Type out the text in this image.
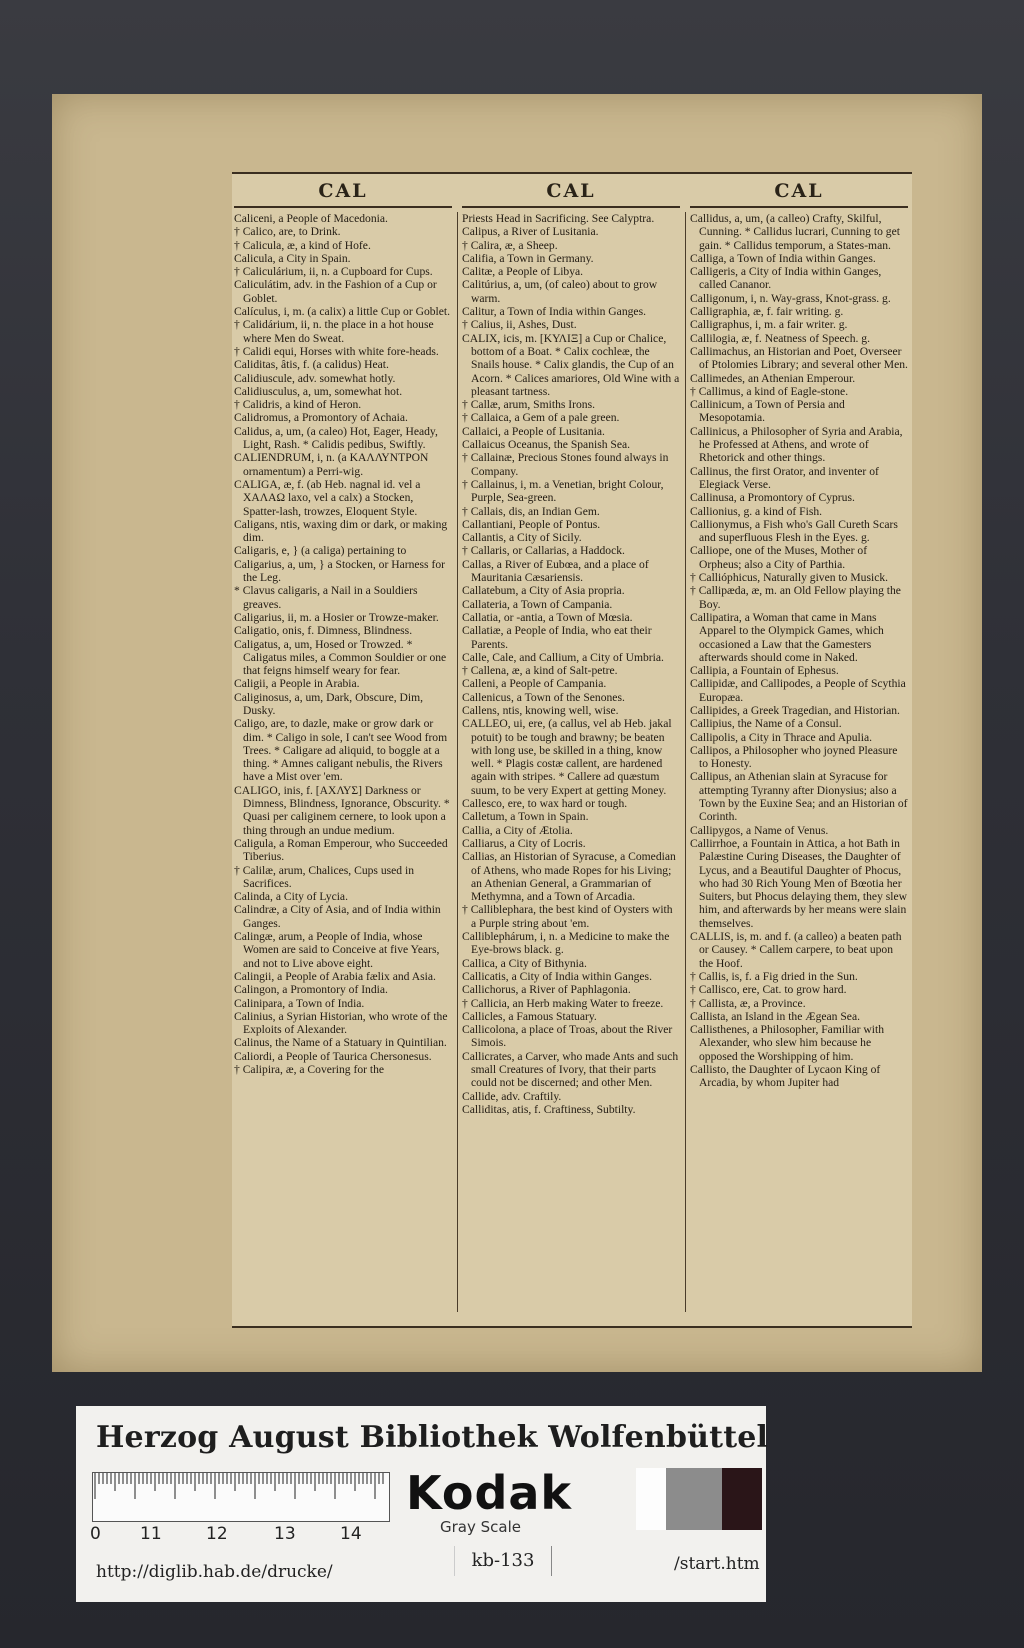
CAL	CAL	CAL

Caliceni, a People of Macedonia.

† Calico, are, to Drink.

† Calicula, æ, a kind of Hofe.

Calicula, a City in Spain.

† Caliculárium, ii, n. a Cupboard for Cups.

Caliculátim, adv. in the Fashion of a Cup or Goblet.

Calículus, i, m. (a calix) a little Cup or Goblet.

† Calidárium, ii, n. the place in a hot house where Men do Sweat.

† Calidi equi, Horses with white fore-heads.

Caliditas, âtis, f. (a calidus) Heat.

Calidiuscule, adv. somewhat hotly.

Calidiusculus, a, um, somewhat hot.

† Calidris, a kind of Heron.

Calidromus, a Promontory of Achaia.

Calidus, a, um, (a caleo) Hot, Eager, Heady, Light, Rash. * Calidis pedibus, Swiftly.

CALIENDRUM, i, n. (a ΚΑΛΛΥΝΤΡΟΝ ornamentum) a Perri-wig.

CALIGA, æ, f. (ab Heb. nagnal id. vel a ΧΑΛΑΩ laxo, vel a calx) a Stocken, Spatter-lash, trowzes, Eloquent Style.

Caligans, ntis, waxing dim or dark, or making dim.

Caligaris, e, } (a caliga) pertaining to

Caligarius, a, um, } a Stocken, or Harness for the Leg.

* Clavus caligaris, a Nail in a Souldiers greaves.

Caligarius, ii, m. a Hosier or Trowze-maker.

Caligatio, onis, f. Dimness, Blindness.

Caligatus, a, um, Hosed or Trowzed. * Caligatus miles, a Common Souldier or one that feigns himself weary for fear.

Caligii, a People in Arabia.

Caliginosus, a, um, Dark, Obscure, Dim, Dusky.

Caligo, are, to dazle, make or grow dark or dim. * Caligo in sole, I can't see Wood from Trees. * Caligare ad aliquid, to boggle at a thing. * Amnes caligant nebulis, the Rivers have a Mist over 'em.

CALIGO, inis, f. [ΑΧΛΥΣ] Darkness or Dimness, Blindness, Ignorance, Obscurity. * Quasi per caliginem cernere, to look upon a thing through an undue medium.

Caligula, a Roman Emperour, who Succeeded Tiberius.

† Calilæ, arum, Chalices, Cups used in Sacrifices.

Calinda, a City of Lycia.

Calindræ, a City of Asia, and of India within Ganges.

Calingæ, arum, a People of India, whose Women are said to Conceive at five Years, and not to Live above eight.

Calingii, a People of Arabia fælix and Asia.

Calingon, a Promontory of India.

Calinipara, a Town of India.

Calinius, a Syrian Historian, who wrote of the Exploits of Alexander.

Calinus, the Name of a Statuary in Quintilian.

Caliordi, a People of Taurica Chersonesus.

† Calipira, æ, a Covering for the

Priests Head in Sacrificing. See Calyptra.

Calipus, a River of Lusitania.

† Calira, æ, a Sheep.

Califia, a Town in Germany.

Calitæ, a People of Libya.

Calitúrius, a, um, (of caleo) about to grow warm.

Calitur, a Town of India within Ganges.

† Calius, ii, Ashes, Dust.

CALIX, icis, m. [ΚΥΛΙΞ] a Cup or Chalice, bottom of a Boat. * Calix cochleæ, the Snails house. * Calix glandis, the Cup of an Acorn. * Calices amariores, Old Wine with a pleasant tartness.

† Callæ, arum, Smiths Irons.

† Callaica, a Gem of a pale green.

Callaici, a People of Lusitania.

Callaicus Oceanus, the Spanish Sea.

† Callainæ, Precious Stones found always in Company.

† Callainus, i, m. a Venetian, bright Colour, Purple, Sea-green.

† Callais, dis, an Indian Gem.

Callantiani, People of Pontus.

Callantis, a City of Sicily.

† Callaris, or Callarias, a Haddock.

Callas, a River of Eubœa, and a place of Mauritania Cæsariensis.

Callatebum, a City of Asia propria.

Callateria, a Town of Campania.

Callatia, or -antia, a Town of Mœsia.

Callatiæ, a People of India, who eat their Parents.

Calle, Cale, and Callium, a City of Umbria.

† Callena, æ, a kind of Salt-petre.

Calleni, a People of Campania.

Callenicus, a Town of the Senones.

Callens, ntis, knowing well, wise.

CALLEO, ui, ere, (a callus, vel ab Heb. jakal potuit) to be tough and brawny; be beaten with long use, be skilled in a thing, know well. * Plagis costæ callent, are hardened again with stripes. * Callere ad quæstum suum, to be very Expert at getting Money.

Callesco, ere, to wax hard or tough.

Calletum, a Town in Spain.

Callia, a City of Ætolia.

Calliarus, a City of Locris.

Callias, an Historian of Syracuse, a Comedian of Athens, who made Ropes for his Living; an Athenian General, a Grammarian of Methymna, and a Town of Arcadia.

† Calliblephara, the best kind of Oysters with a Purple string about 'em.

Calliblephárum, i, n. a Medicine to make the Eye-brows black. g.

Callica, a City of Bithynia.

Callicatis, a City of India within Ganges.

Callichorus, a River of Paphlagonia.

† Callicia, an Herb making Water to freeze.

Callicles, a Famous Statuary.

Callicolona, a place of Troas, about the River Simois.

Callicrates, a Carver, who made Ants and such small Creatures of Ivory, that their parts could not be discerned; and other Men.

Callide, adv. Craftily.

Calliditas, atis, f. Craftiness, Subtilty.

Callidus, a, um, (a calleo) Crafty, Skilful, Cunning. * Callidus lucrari, Cunning to get gain. * Callidus temporum, a States-man.

Calliga, a Town of India within Ganges.

Calligeris, a City of India within Ganges, called Cananor.

Calligonum, i, n. Way-grass, Knot-grass. g.

Calligraphia, æ, f. fair writing. g.

Calligraphus, i, m. a fair writer. g.

Callilogia, æ, f. Neatness of Speech. g.

Callimachus, an Historian and Poet, Overseer of Ptolomies Library; and several other Men.

Callimedes, an Athenian Emperour.

† Callimus, a kind of Eagle-stone.

Callinicum, a Town of Persia and Mesopotamia.

Callinicus, a Philosopher of Syria and Arabia, he Professed at Athens, and wrote of Rhetorick and other things.

Callinus, the first Orator, and inventer of Elegiack Verse.

Callinusa, a Promontory of Cyprus.

Callionius, g. a kind of Fish.

Callionymus, a Fish who's Gall Cureth Scars and superfluous Flesh in the Eyes. g.

Calliope, one of the Muses, Mother of Orpheus; also a City of Parthia.

† Callióphicus, Naturally given to Musick.

† Callipæda, æ, m. an Old Fellow playing the Boy.

Callipatira, a Woman that came in Mans Apparel to the Olympick Games, which occasioned a Law that the Gamesters afterwards should come in Naked.

Callipia, a Fountain of Ephesus.

Callipidæ, and Callipodes, a People of Scythia Europæa.

Callipides, a Greek Tragedian, and Historian.

Callipius, the Name of a Consul.

Callipolis, a City in Thrace and Apulia.

Callipos, a Philosopher who joyned Pleasure to Honesty.

Callipus, an Athenian slain at Syracuse for attempting Tyranny after Dionysius; also a Town by the Euxine Sea; and an Historian of Corinth.

Callipygos, a Name of Venus.

Callirrhoe, a Fountain in Attica, a hot Bath in Palæstine Curing Diseases, the Daughter of Lycus, and a Beautiful Daughter of Phocus, who had 30 Rich Young Men of Bœotia her Suiters, but Phocus delaying them, they slew him, and afterwards by her means were slain themselves.

CALLIS, is, m. and f. (a calleo) a beaten path or Causey. * Callem carpere, to beat upon the Hoof.

† Callis, is, f. a Fig dried in the Sun.

† Callisco, ere, Cat. to grow hard.

† Callista, æ, a Province.

Callista, an Island in the Ægean Sea.

Callisthenes, a Philosopher, Familiar with Alexander, who slew him because he opposed the Worshipping of him.

Callisto, the Daughter of Lycaon King of Arcadia, by whom Jupiter had

Herzog August Bibliothek Wolfenbüttel
0 11	12	13	14
Kodak
Gray Scale
kb-133
http://diglib.hab.de/drucke/	/start.htm
